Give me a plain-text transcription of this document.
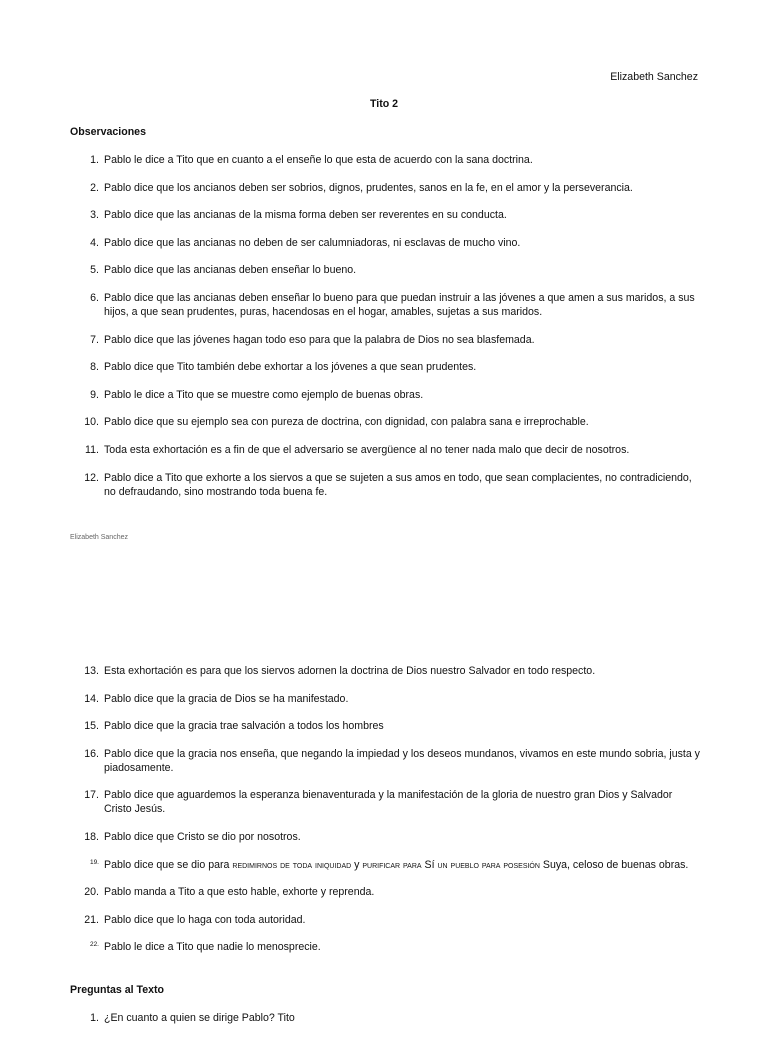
Elizabeth Sanchez
Tito 2
Observaciones
1. Pablo le dice a Tito que en cuanto a el enseñe lo que esta de acuerdo con la sana doctrina.
2. Pablo dice que los ancianos deben ser sobrios, dignos, prudentes, sanos en la fe, en el amor y la perseverancia.
3. Pablo dice que las ancianas de la misma forma deben ser reverentes en su conducta.
4. Pablo dice que las ancianas no deben de ser calumniadoras, ni esclavas de mucho vino.
5. Pablo dice que las ancianas deben enseñar lo bueno.
6. Pablo dice que las ancianas deben enseñar lo bueno para que puedan instruir a las jóvenes a que amen a sus maridos, a sus hijos, a que sean prudentes, puras, hacendosas en el hogar, amables, sujetas a sus maridos.
7. Pablo dice que las jóvenes hagan todo eso para que la palabra de Dios no sea blasfemada.
8. Pablo dice que Tito también debe exhortar a los jóvenes a que sean prudentes.
9. Pablo le dice a Tito que se muestre como ejemplo de buenas obras.
10. Pablo dice que su ejemplo sea con pureza de doctrina, con dignidad, con palabra sana e irreprochable.
11. Toda esta exhortación es a fin de que el adversario se avergüence al no tener nada malo que decir de nosotros.
12. Pablo dice a Tito que exhorte a los siervos a que se sujeten a sus amos en todo, que sean complacientes, no contradiciendo, no defraudando, sino mostrando toda buena fe.
Elizabeth Sanchez
13. Esta exhortación es para que los siervos adornen la doctrina de Dios nuestro Salvador en todo respecto.
14. Pablo dice que la gracia de Dios se ha manifestado.
15. Pablo dice que la gracia trae salvación a todos los hombres
16. Pablo dice que la gracia nos enseña, que negando la impiedad y los deseos mundanos, vivamos en este mundo sobria, justa y piadosamente.
17. Pablo dice que aguardemos la esperanza bienaventurada y la manifestación de la gloria de nuestro gran Dios y Salvador Cristo Jesús.
18. Pablo dice que Cristo se dio por nosotros.
19. Pablo dice que se dio para redimirnos de toda iniquidad y purificar para Sí un pueblo para posesión Suya, celoso de buenas obras.
20. Pablo manda a Tito a que esto hable, exhorte y reprenda.
21. Pablo dice que lo haga con toda autoridad.
22. Pablo le dice a Tito que nadie lo menosprecie.
Preguntas al Texto
1. ¿En cuanto a quien se dirige Pablo? Tito
